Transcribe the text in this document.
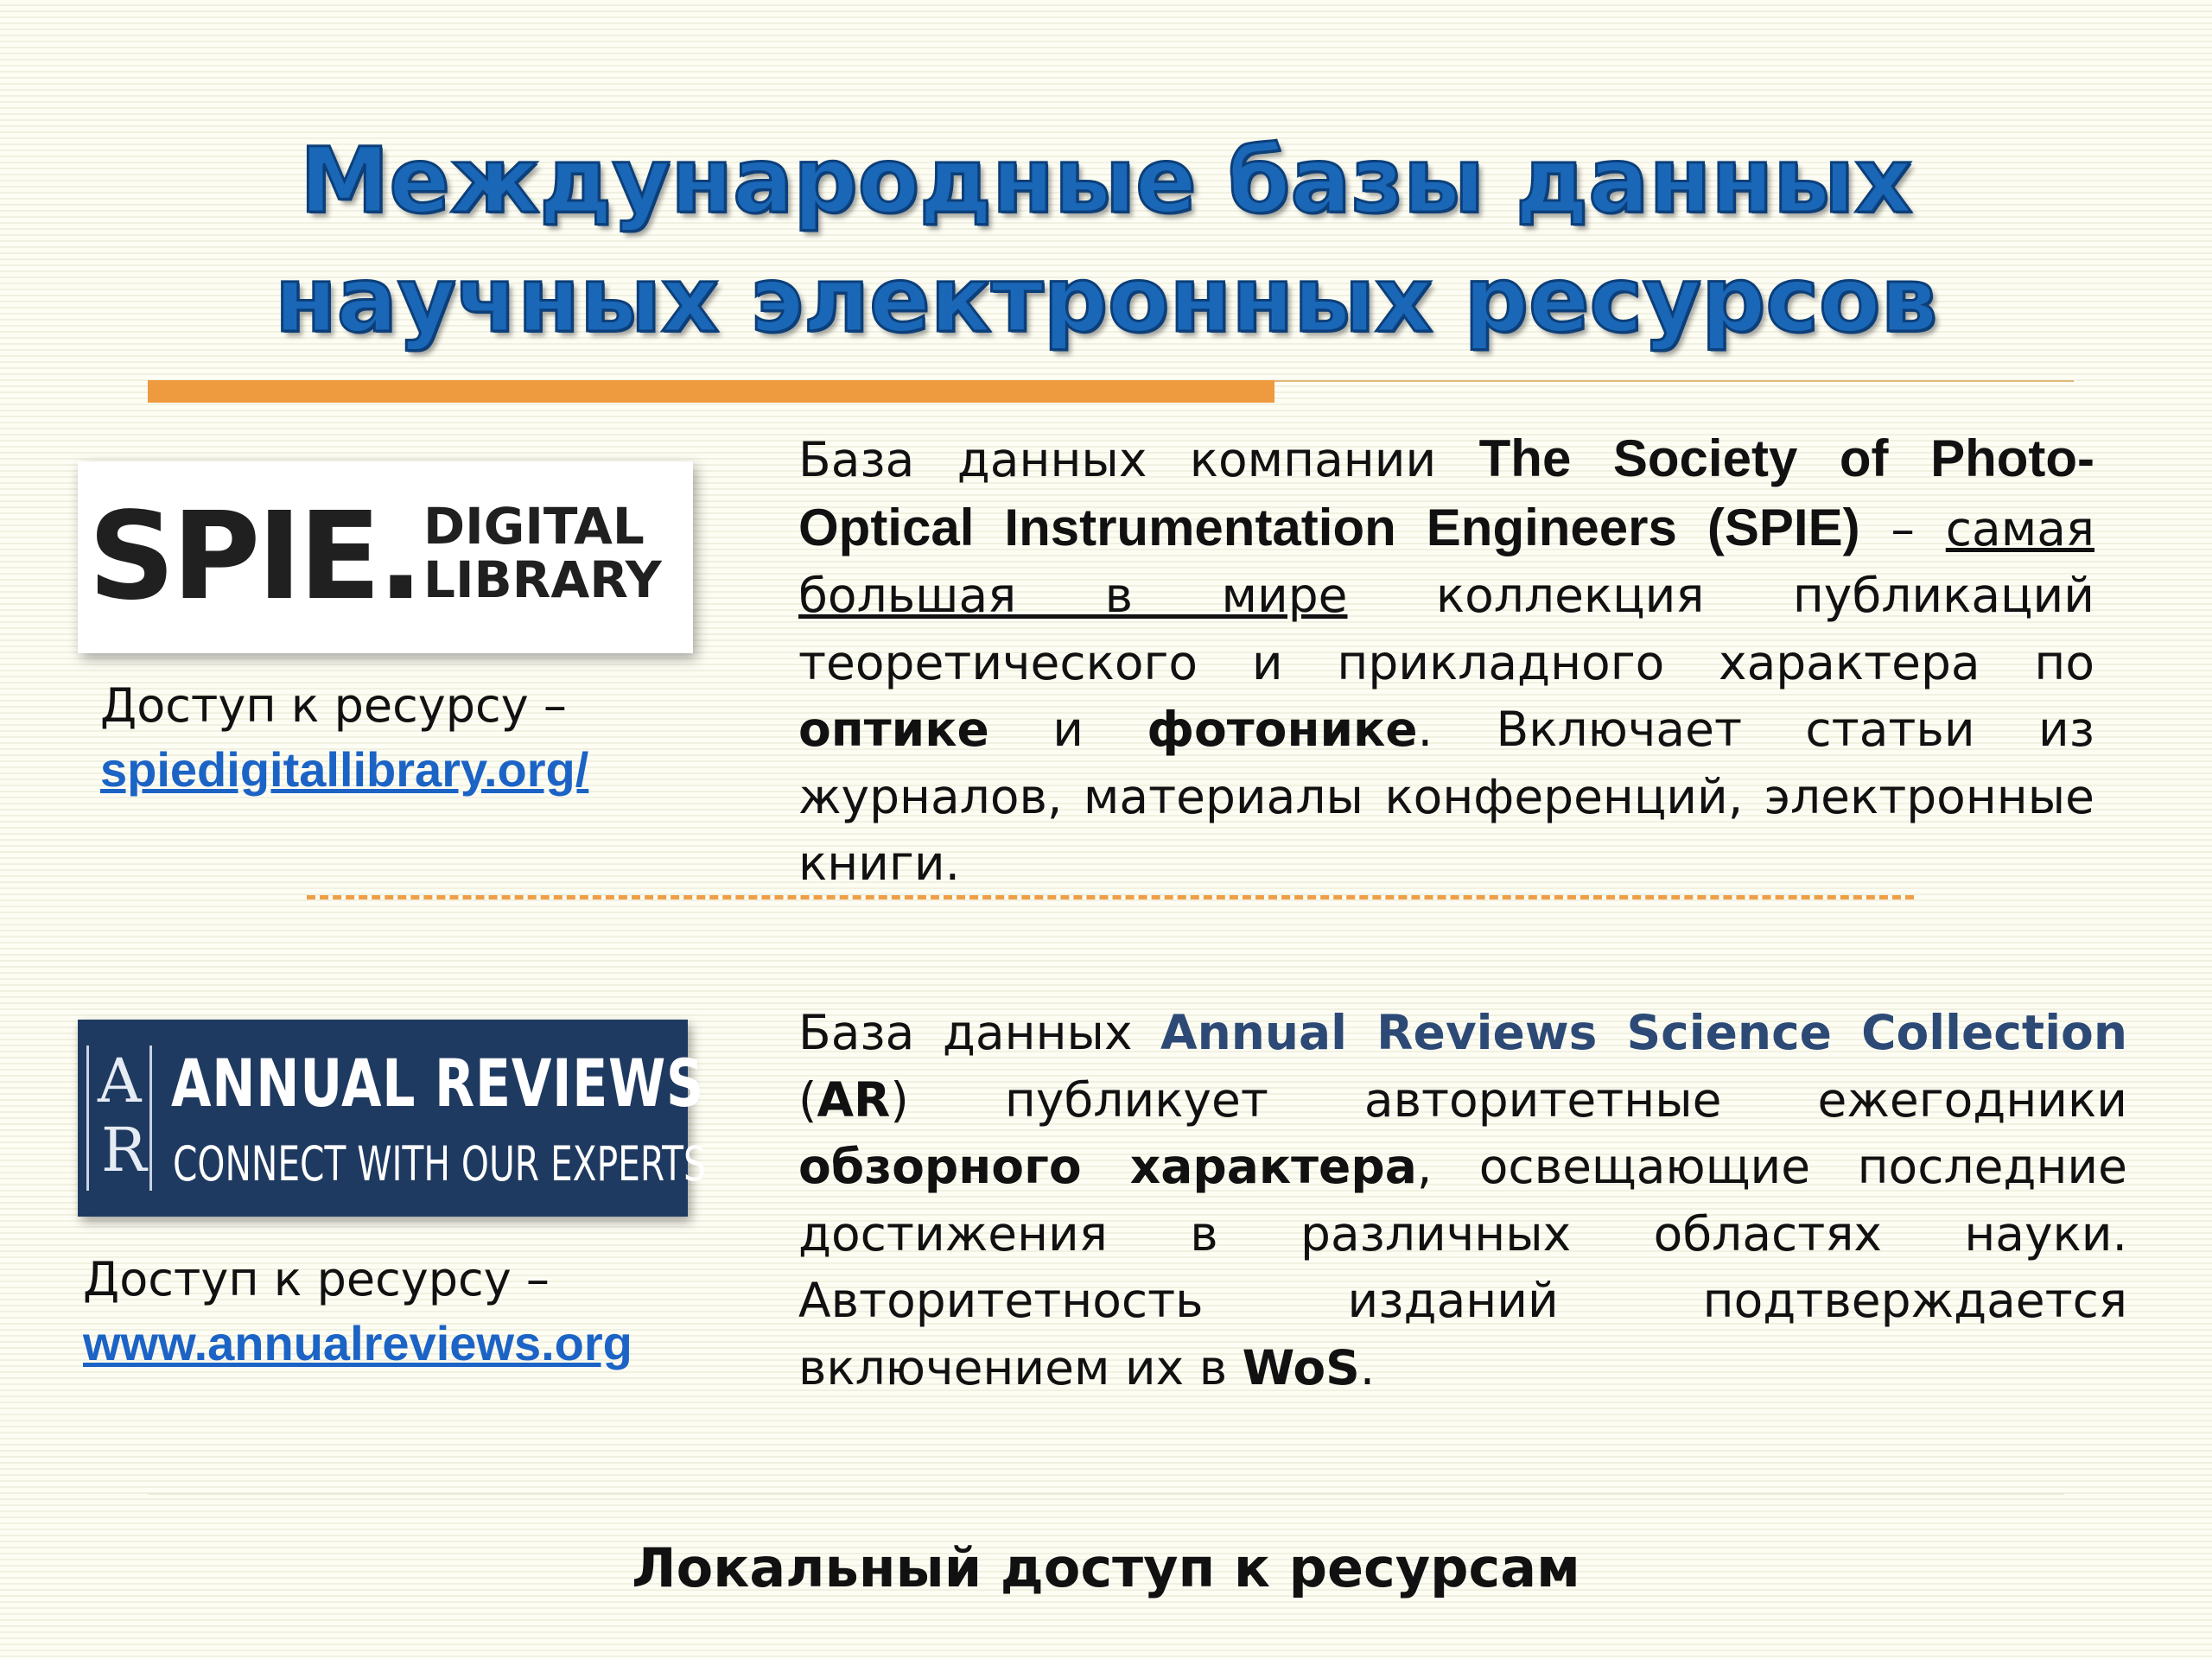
Международные базы данных
научных электронных ресурсов
SPIE. DIGITAL
LIBRARY
Доступ к ресурсу –
spiedigitallibrary.org/
База данных компании The Society of Photo-Optical Instrumentation Engineers (SPIE) – самая большая в мире коллекция публикаций теоретического и прикладного характера по оптике и фотонике. Включает статьи из журналов, материалы конференций, электронные книги.
A
R
ANNUAL REVIEWS
CONNECT WITH OUR EXPERTS
Доступ к ресурсу –
www.annualreviews.org
База данных Annual Reviews Science Collection (AR) публикует авторитетные ежегодники обзорного характера, освещающие последние достижения в различных областях науки. Авторитетность изданий подтверждается включением их в WoS.
Локальный доступ к ресурсам
